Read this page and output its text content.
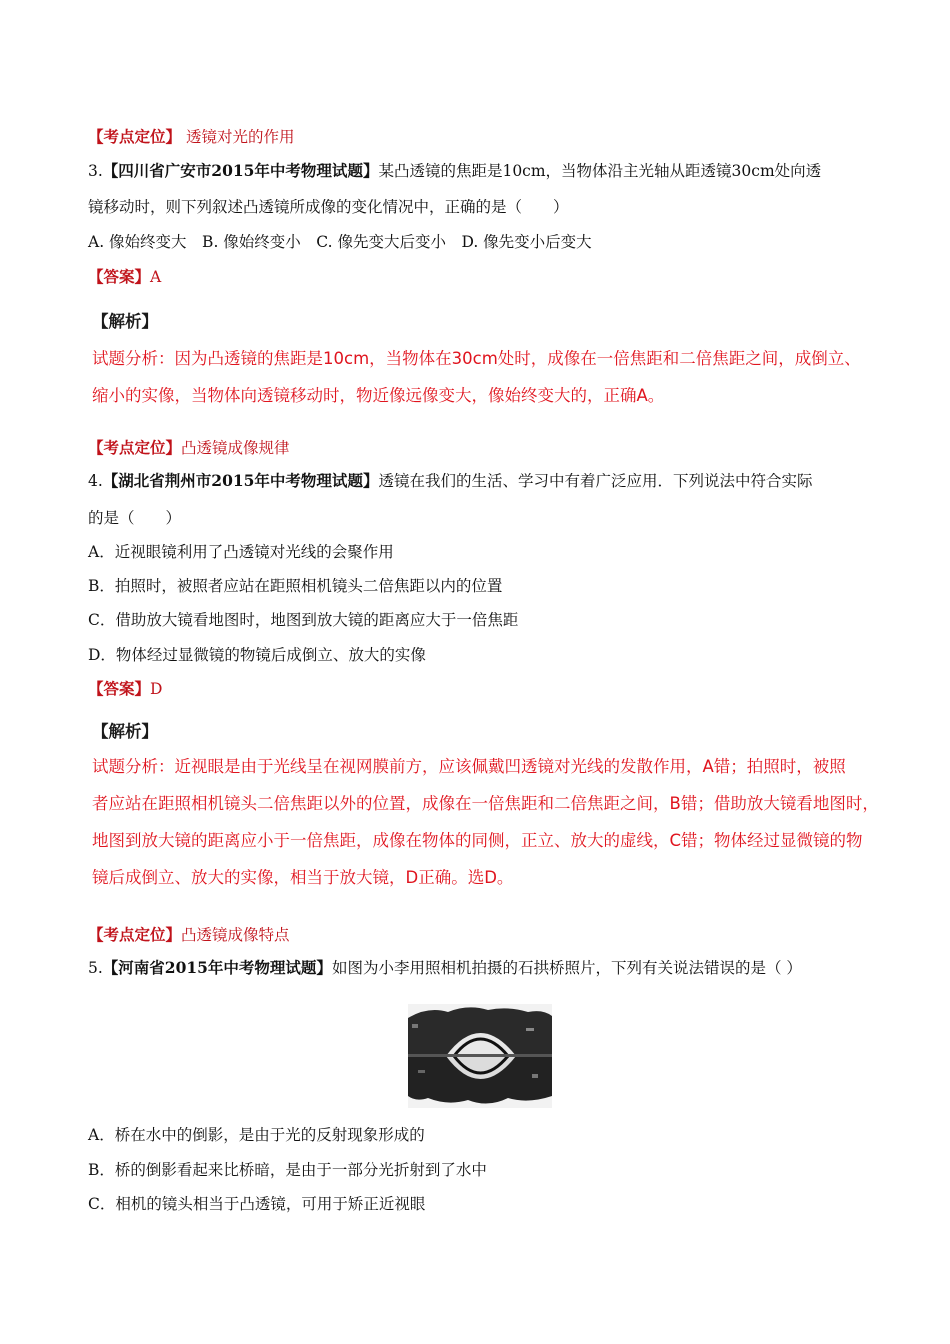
【考点定位】 透镜对光的作用
3.【四川省广安市2015年中考物理试题】某凸透镜的焦距是10cm，当物体沿主光轴从距透镜30cm处向透
镜移动时，则下列叙述凸透镜所成像的变化情况中，正确的是（　　）
A. 像始终变大　B. 像始终变小　C. 像先变大后变小　D. 像先变小后变大
【答案】A
【解析】
试题分析：因为凸透镜的焦距是10cm，当物体在30cm处时，成像在一倍焦距和二倍焦距之间，成倒立、
缩小的实像，当物体向透镜移动时，物近像远像变大，像始终变大的，正确A。
【考点定位】凸透镜成像规律
4.【湖北省荆州市2015年中考物理试题】透镜在我们的生活、学习中有着广泛应用．下列说法中符合实际
的是（　　）
A．近视眼镜利用了凸透镜对光线的会聚作用
B．拍照时，被照者应站在距照相机镜头二倍焦距以内的位置
C．借助放大镜看地图时，地图到放大镜的距离应大于一倍焦距
D．物体经过显微镜的物镜后成倒立、放大的实像
【答案】D
【解析】
试题分析：近视眼是由于光线呈在视网膜前方，应该佩戴凹透镜对光线的发散作用，A错；拍照时，被照
者应站在距照相机镜头二倍焦距以外的位置，成像在一倍焦距和二倍焦距之间，B错；借助放大镜看地图时，
地图到放大镜的距离应小于一倍焦距，成像在物体的同侧，正立、放大的虚线，C错；物体经过显微镜的物
镜后成倒立、放大的实像，相当于放大镜，D正确。选D。
【考点定位】凸透镜成像特点
5.【河南省2015年中考物理试题】如图为小李用照相机拍摄的石拱桥照片，下列有关说法错误的是（ ）
A．桥在水中的倒影，是由于光的反射现象形成的
B．桥的倒影看起来比桥暗，是由于一部分光折射到了水中
C．相机的镜头相当于凸透镜，可用于矫正近视眼
